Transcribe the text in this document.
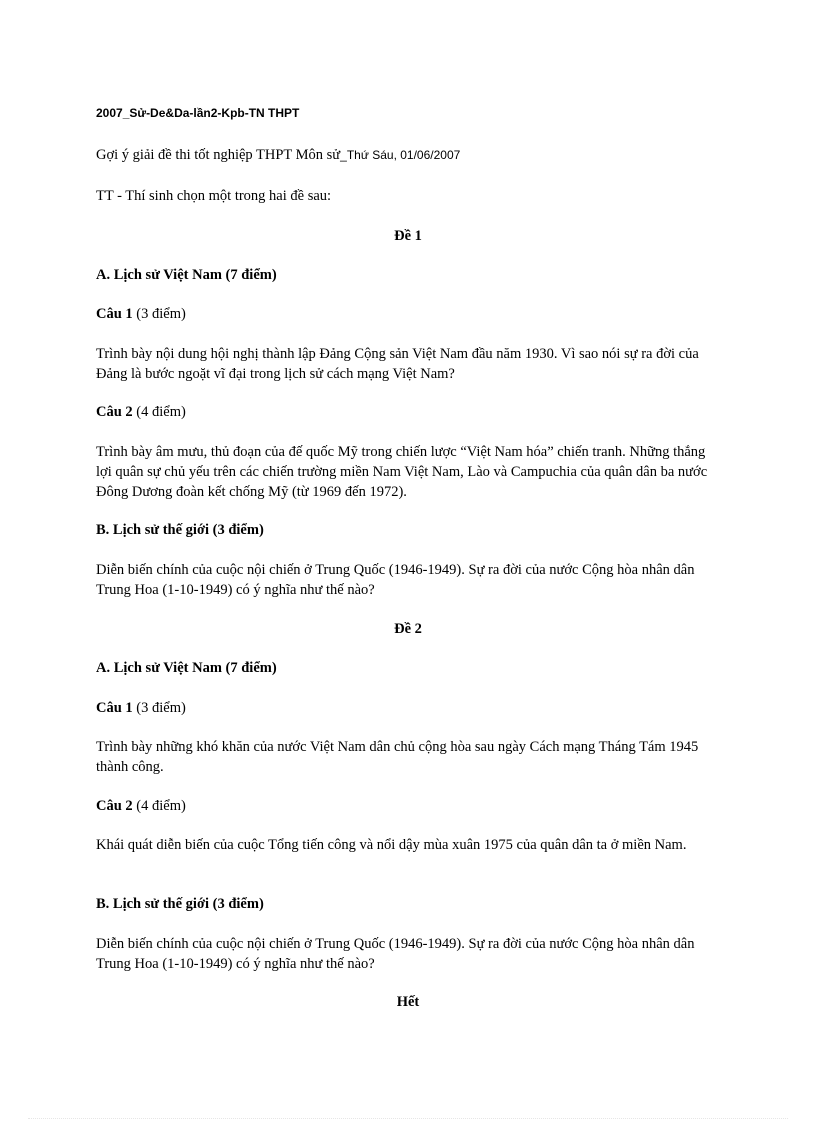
2007_Sử-De&Da-lần2-Kpb-TN THPT

Gợi ý giải đề thi tốt nghiệp THPT Môn sử_Thứ Sáu, 01/06/2007

TT - Thí sinh chọn một trong hai đề sau:

Đề 1

A. Lịch sử Việt Nam (7 điểm)

Câu 1 (3 điểm)

Trình bày nội dung hội nghị thành lập Đảng Cộng sản Việt Nam đầu năm 1930. Vì sao nói sự ra đời của Đảng là bước ngoặt vĩ đại trong lịch sử cách mạng Việt Nam?

Câu 2 (4 điểm)

Trình bày âm mưu, thủ đoạn của đế quốc Mỹ trong chiến lược “Việt Nam hóa” chiến tranh. Những thắng lợi quân sự chủ yếu trên các chiến trường miền Nam Việt Nam, Lào và Campuchia của quân dân ba nước Đông Dương đoàn kết chống Mỹ (từ 1969 đến 1972).

B. Lịch sử thế giới (3 điểm)

Diễn biến chính của cuộc nội chiến ở Trung Quốc (1946-1949). Sự ra đời của nước Cộng hòa nhân dân Trung Hoa (1-10-1949) có ý nghĩa như thế nào?

Đề 2

A. Lịch sử Việt Nam (7 điểm)

Câu 1 (3 điểm)

Trình bày những khó khăn của nước Việt Nam dân chủ cộng hòa sau ngày Cách mạng Tháng Tám 1945 thành công.

Câu 2 (4 điểm)

Khái quát diễn biến của cuộc Tổng tiến công và nổi dậy mùa xuân 1975 của quân dân ta ở miền Nam.

B. Lịch sử thế giới (3 điểm)

Diễn biến chính của cuộc nội chiến ở Trung Quốc (1946-1949). Sự ra đời của nước Cộng hòa nhân dân Trung Hoa (1-10-1949) có ý nghĩa như thế nào?

Hết
